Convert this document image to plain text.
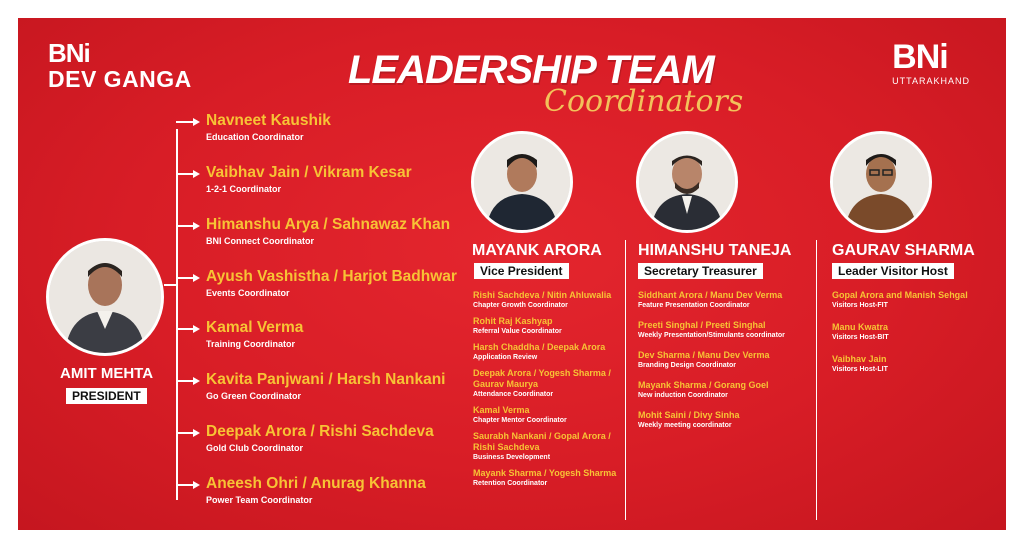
BNi
DEV GANGA
BNi
UTTARAKHAND
LEADERSHIP TEAM
Coordinators
Navneet Kaushik
Education Coordinator
Vaibhav Jain / Vikram Kesar
1-2-1 Coordinator
Himanshu Arya / Sahnawaz Khan
BNI Connect Coordinator
Ayush Vashistha / Harjot Badhwar
Events Coordinator
Kamal Verma
Training Coordinator
Kavita Panjwani / Harsh Nankani
Go Green Coordinator
Deepak Arora / Rishi Sachdeva
Gold Club Coordinator
Aneesh Ohri / Anurag Khanna
Power Team Coordinator
AMIT MEHTA
PRESIDENT
MAYANK ARORA
Vice President
HIMANSHU TANEJA
Secretary Treasurer
GAURAV SHARMA
Leader Visitor Host
Rishi Sachdeva / Nitin Ahluwalia
Chapter Growth Coordinator
Rohit Raj Kashyap
Referral Value Coordinator
Harsh Chaddha / Deepak Arora
Application Review
Deepak Arora / Yogesh Sharma / Gaurav Maurya
Attendance Coordinator
Kamal Verma
Chapter Mentor Coordinator
Saurabh Nankani / Gopal Arora / Rishi Sachdeva
Business Development
Mayank Sharma / Yogesh Sharma
Retention Coordinator
Siddhant Arora / Manu Dev Verma
Feature Presentation Coordinator
Preeti Singhal / Preeti Singhal
Weekly Presentation/Stimulants coordinator
Dev Sharma / Manu Dev Verma
Branding Design Coordinator
Mayank Sharma / Gorang Goel
New induction Coordinator
Mohit Saini / Divy Sinha
Weekly meeting coordinator
Gopal Arora and Manish Sehgal
Visitors Host-FIT
Manu Kwatra
Visitors Host-BIT
Vaibhav Jain
Visitors Host-LIT
